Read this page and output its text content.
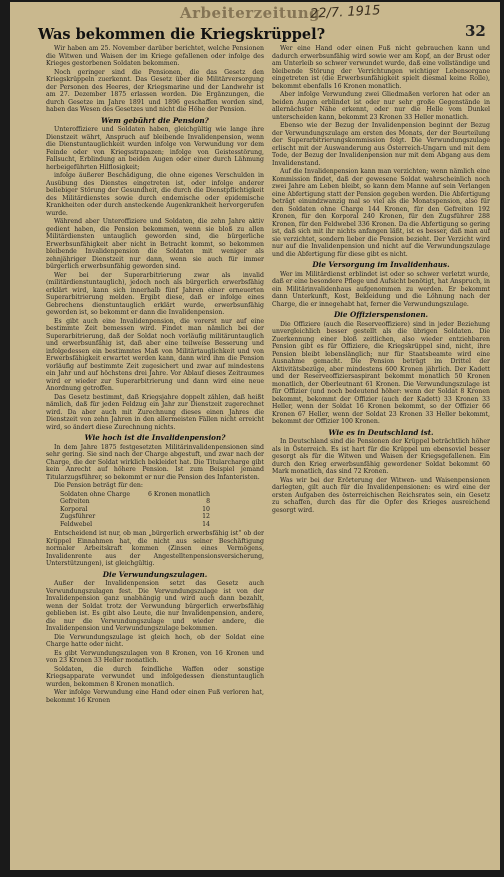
Arbeiterzeitung
22/7. 1915
32
Was bekommen die Kriegskrüppel?

Wir haben am 25. November darüber berichtet, welche Pensionen die Witwen und Waisen der im Kriege gefallenen oder infolge des Krieges gestorbenen Soldaten bekommen.

Noch geringer sind die Pensionen, die das Gesetz den Kriegskrüppeln zuerkennt. Das Gesetz über die Militärversorgung der Personen des Heeres, der Kriegsmarine und der Landwehr ist am 27. Dezember 1875 erlassen worden. Die Ergänzungen, die durch Gesetze im Jahre 1891 und 1896 geschaffen worden sind, haben das Wesen des Gesetzes und nicht die Höhe der Pension.

Wem gebührt die Pension?

Unteroffiziere und Soldaten haben, gleichgültig wie lange ihre Dienstzeit währt, Anspruch auf bleibende Invalidenpension, wenn die Dienstuntauglichkeit wurden infolge von Verwundung vor dem Feinde oder von Kriegsstrapazen; infolge von Geistesstörung, Fallsucht, Erblindung an beiden Augen oder einer durch Lähmung herbeigeführten Hilflosigkeit;

infolge äußerer Beschädigung, die ohne eigenes Verschulden in Ausübung des Dienstes eingetreten ist, oder infolge anderer beliebiger Störung der Gesundheit, die durch die Dienstpflichtigkeit des Militärdienstes sowie durch endemische oder epidemische Krankheiten oder durch ansteckende Augenkrankheit hervorgerufen wurde.

Während aber Unteroffiziere und Soldaten, die zehn Jahre aktiv gedient haben, die Pension bekommen, wenn sie bloß zu allen Militärdiensten untauglich geworden sind, die bürgerliche Erwerbsunfähigkeit aber nicht in Betracht kommt, so bekommen bleibende Invalidenpension die Soldaten mit weniger als zehnjähriger Dienstzeit nur dann, wenn sie auch für immer bürgerlich erwerbsunfähig geworden sind.

Wer bei der Superarbitrierung zwar als invalid (militärdienstuntauglich), jedoch noch als bürgerlich erwerbsfähig erklärt wird, kann sich innerhalb fünf Jahren einer erneuerten Superarbitrierung melden. Ergibt diese, daß er infolge eines Gebrechens dienstuntauglich erklärt wurde, erwerbsunfähig geworden ist, so bekommt er dann die Invalidenpension.

Es gibt auch eine Invalidenpension, die vorerst nur auf eine bestimmte Zeit bemessen wird. Findet man nämlich bei der Superarbitrierung, daß der Soldat noch vorläufig militäruntauglich und erwerbsunfähig ist, daß aber eine teilweise Besserung und infolgedessen ein bestimmtes Maß von Militärtauglichkeit und von Erwerbsfähigkeit erwartet werden kann, dann wird ihm die Pension vorläufig auf bestimmte Zeit zugesichert und zwar auf mindestens ein Jahr und auf höchstens drei Jahre. Vor Ablauf dieses Zeitraumes wird er wieder zur Superarbitrierung und dann wird eine neue Anordnung getroffen.

Das Gesetz bestimmt, daß Kriegsjahre doppelt zählen, daß heißt nämlich, daß für jeden Feldzug ein Jahr zur Dienstzeit zugerechnet wird. Da aber auch mit Zurechnung dieses einen Jahres die Dienstzeit von zehn Jahren in den allermeisten Fällen nicht erreicht wird, so ändert diese Zurechnung nichts.

Wie hoch ist die Invalidenpension?

In dem Jahre 1875 festgesetzten Militärinvalidenpensionen sind sehr gering. Sie sind nach der Charge abgestuft, und zwar nach der Charge, die der Soldat wirklich bekleidet hat. Die Titularcharge gibt kein Anrecht auf höhere Pension. Ist zum Beispiel jemand Titularzugsführer, so bekommt er nur die Pension des Infanteristen.

Die Pension beträgt für den:

Soldaten ohne Charge	6 Kronen monatlich
Gefreiten	8
Korporal	10
Zugsführer	12
Feldwebel	14

Entscheidend ist nur, ob man „bürgerlich erwerbsfähig ist“ ob der Krüppel Einnahmen hat, die nicht aus seiner Beschäftigung normaler Arbeitskraft kommen (Zinsen eines Vermögens, Invalidenrente aus der Angestelltenpensionsversicherung, Unterstützungen), ist gleichgültig.

Die Verwundungszulagen.

Außer der Invalidenpension setzt das Gesetz auch Verwundungszulagen fest. Die Verwundungszulage ist von der Invalidenpension ganz unabhängig und wird auch dann bezahlt, wenn der Soldat trotz der Verwundung bürgerlich erwerbsfähig geblieben ist. Es gibt also Leute, die nur Invalidenpension, andere, die nur die Verwundungszulage und wieder andere, die Invalidenpension und Verwundungszulage bekommen.

Die Verwundungszulage ist gleich hoch, ob der Soldat eine Charge hatte oder nicht.

Es gibt Verwundungszulagen von 8 Kronen, von 16 Kronen und von 23 Kronen 33 Heller monatlich.

Soldaten, die durch feindliche Waffen oder sonstige Kriegsapparate verwundet und infolgedessen dienstuntauglich wurden, bekommen 8 Kronen monatlich.

Wer infolge Verwundung eine Hand oder einen Fuß verloren hat, bekommt 16 Kronen

Wer eine Hand oder einen Fuß nicht gebrauchen kann und dadurch erwerbsunfähig wird sowie wer am Kopf, an der Brust oder am Unterleib so schwer verwundet wurde, daß eine vollständige und bleibende Störung der Verrichtungen wichtiger Lebensorgane eingetreten ist (die Erwerbsunfähigkeit spielt diesmal keine Rolle), bekommt ebenfalls 16 Kronen monatlich.

Aber infolge Verwundung zwei Gliedmaßen verloren hat oder an beiden Augen erblindet ist oder nur sehr große Gegenstände in allernächster Nähe erkennt, oder nur die Helle vom Dunkel unterscheiden kann, bekommt 23 Kronen 33 Heller monatlich.

Ebenso wie der Bezug der Invalidenpension beginnt der Bezug der Verwundungszulage am ersten des Monats, der der Beurteilung der Superarbitrierungskommission folgt. Die Verwundungszulage erlischt mit der Auswanderung aus Österreich-Ungarn und mit dem Tode, der Bezug der Invalidenpension nur mit dem Abgang aus dem Invalidenstand.

Auf die Invalidenpension kann man verzichten; wenn nämlich eine Kommission findet, daß der gewesene Soldat wahrscheinlich noch zwei Jahre am Leben bleibt, so kann dem Manne auf sein Verlangen eine Abfertigung statt der Pension gegeben werden. Die Abfertigung beträgt einundzwanzig mal so viel als die Monatspension, also für den Soldaten ohne Charge 144 Kronen, für den Gefreiten 192 Kronen, für den Korporal 240 Kronen, für den Zugsführer 288 Kronen, für den Feldwebel 336 Kronen. Da die Abfertigung so gering ist, daß sich mit ihr nichts anfangen läßt, ist es besser, daß man auf sie verzichtet, sondern lieber die Pension bezieht. Der Verzicht wird nur auf die Invalidenpension und nicht auf die Verwundungszulage und die Abfertigung für diese gibt es nicht.

Die Versorgung im Invalidenhaus.

Wer im Militärdienst erblindet ist oder so schwer verletzt wurde, daß er eine besondere Pflege und Aufsicht benötigt, hat Anspruch, in ein Militärinvalidenhaus aufgenommen zu werden. Er bekommt dann Unterkunft, Kost, Bekleidung und die Löhnung nach der Charge, die er innegehabt hat, ferner die Verwundungszulage.

Die Offizierspensionen.

Die Offiziere (auch die Reserveoffiziere) sind in jeder Beziehung unvergleichlich besser gestellt als die übrigen Soldaten. Die Zuerkennung einer bloß zeitlichen, also wieder entziehbaren Pension gibt es für Offiziere, die Kriegskrüppel sind, nicht, ihre Pension bleibt lebenslänglich; nur für Staatsbeamte wird eine Ausnahme gemacht. Die Pension beträgt im Drittel der Aktivitätsbezüge, aber mindestens 600 Kronen jährlich. Der Kadett und der Reserveoffiziersaspirant bekommt monatlich 50 Kronen monatlich, der Oberleutnant 61 Kronen. Die Verwundungszulage ist für Offizier (und noch bedeutend höher: wenn der Soldat 8 Kronen bekommt, bekommt der Offizier (auch der Kadett) 33 Kronen 33 Heller, wenn der Soldat 16 Kronen bekommt, so der Offizier 66 Kronen 67 Heller, wenn der Soldat 23 Kronen 33 Heller bekommt, bekommt der Offizier 100 Kronen.

Wie es in Deutschland ist.

In Deutschland sind die Pensionen der Krüppel beträchtlich höher als in Österreich. Es ist hart für die Krüppel um ebensoviel besser gesorgt als für die Witwen und Waisen der Kriegsgefallenen. Ein durch den Krieg erwerbsunfähig gewordener Soldat bekommt 60 Mark monatlich, das sind 72 Kronen.

Was wir bei der Erörterung der Witwen- und Waisenpensionen darlegten, gilt auch für die Invalidenpensionen: es wird eine der ersten Aufgaben des österreichischen Reichsrates sein, ein Gesetz zu schaffen, durch das für die Opfer des Krieges ausreichend gesorgt wird.
